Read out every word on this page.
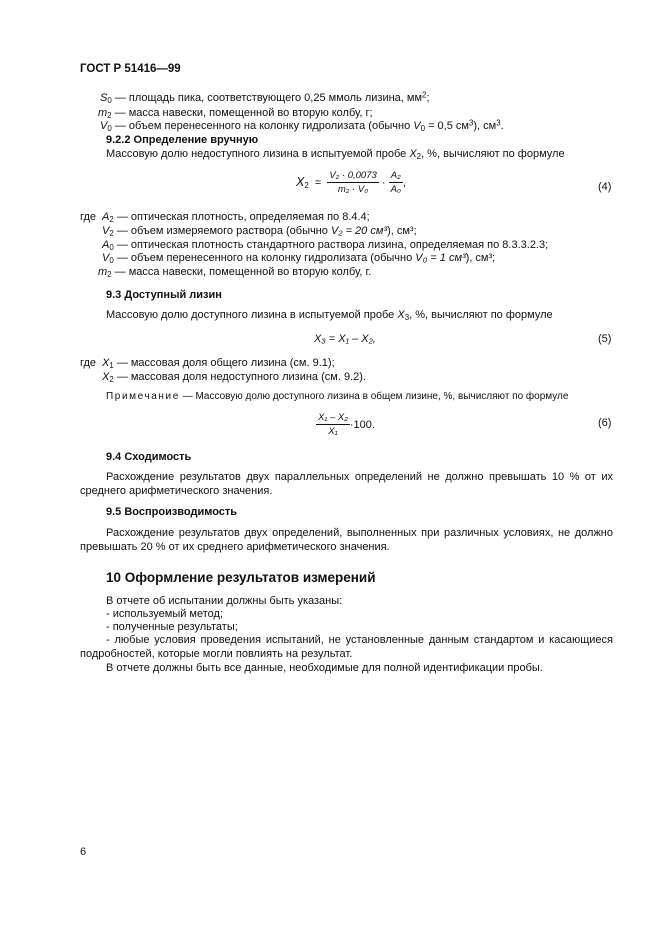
ГОСТ Р 51416—99
$S_0$ — площадь пика, соответствующего 0,25 ммоль лизина, $мм^2$;
$m_2$ — масса навески, помещенной во вторую колбу, г;
$V_0$ — объем перенесенного на колонку гидролизата (обычно $V_0 = 0,5$ $см^3$), $см^3$.
9.2.2 Определение вручную
Массовую долю недоступного лизина в испытуемой пробе $X_2$, %, вычисляют по формуле
$X_2 = \frac{\text{V₂ · 0,0073}}{\text{m₂ · V₀}} \cdot \frac{\text{A₂}}{\text{A₀}}$ ,	(4)
где $A_2$ — оптическая плотность, определяемая по 8.4.4;
$V_2$ — объем измеряемого раствора (обычно V₂ = 20 см³), см³;
$A_0$ — оптическая плотность стандартного раствора лизина, определяемая по 8.3.3.2.3;
$V_0$ — объем перенесенного на колонку гидролизата (обычно V₀ = 1 см³), см³;
$m_2$ — масса навески, помещенной во вторую колбу, г.
9.3 Доступный лизин
Массовую долю доступного лизина в испытуемой пробе $X_3$, %, вычисляют по формуле
X₃ = X₁ – X₂,	(5)
где $X_1$ — массовая доля общего лизина (см. 9.1);
$X_2$ — массовая доля недоступного лизина (см. 9.2).
Примечание — Массовую долю доступного лизина в общем лизине, %, вычисляют по формуле
$\frac{\text{X₁ – X₂}}{\text{X₁}} \cdot 100$.	(6)
9.4 Сходимость
Расхождение результатов двух параллельных определений не должно превышать 10 % от их среднего арифметического значения.
9.5 Воспроизводимость
Расхождение результатов двух определений, выполненных при различных условиях, не должно превышать 20 % от их среднего арифметического значения.
10 Оформление результатов измерений
В отчете об испытании должны быть указаны:
- используемый метод;
- полученные результаты;
- любые условия проведения испытаний, не установленные данным стандартом и касающиеся подробностей, которые могли повлиять на результат.
В отчете должны быть все данные, необходимые для полной идентификации пробы.
6
